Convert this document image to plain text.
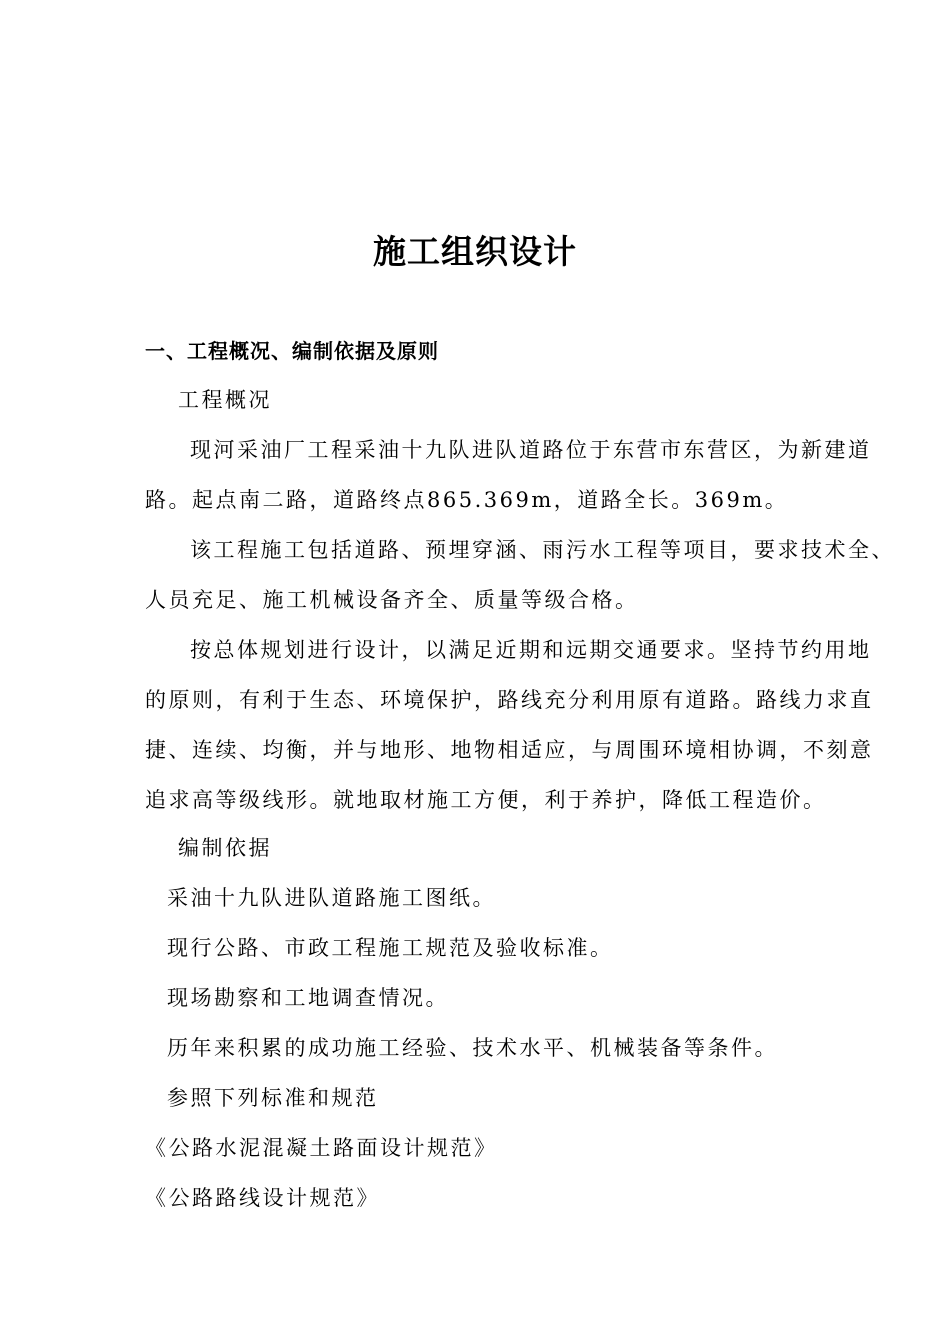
施工组织设计
一、工程概况、编制依据及原则
工程概况
现河采油厂工程采油十九队进队道路位于东营市东营区，为新建道
路。起点南二路，道路终点865.369m，道路全长。369m。
该工程施工包括道路、预埋穿涵、雨污水工程等项目，要求技术全、
人员充足、施工机械设备齐全、质量等级合格。
按总体规划进行设计，以满足近期和远期交通要求。坚持节约用地
的原则，有利于生态、环境保护，路线充分利用原有道路。路线力求直
捷、连续、均衡，并与地形、地物相适应，与周围环境相协调，不刻意
追求高等级线形。就地取材施工方便，利于养护，降低工程造价。
编制依据
采油十九队进队道路施工图纸。
现行公路、市政工程施工规范及验收标准。
现场勘察和工地调查情况。
历年来积累的成功施工经验、技术水平、机械装备等条件。
参照下列标准和规范
《公路水泥混凝土路面设计规范》
《公路路线设计规范》
